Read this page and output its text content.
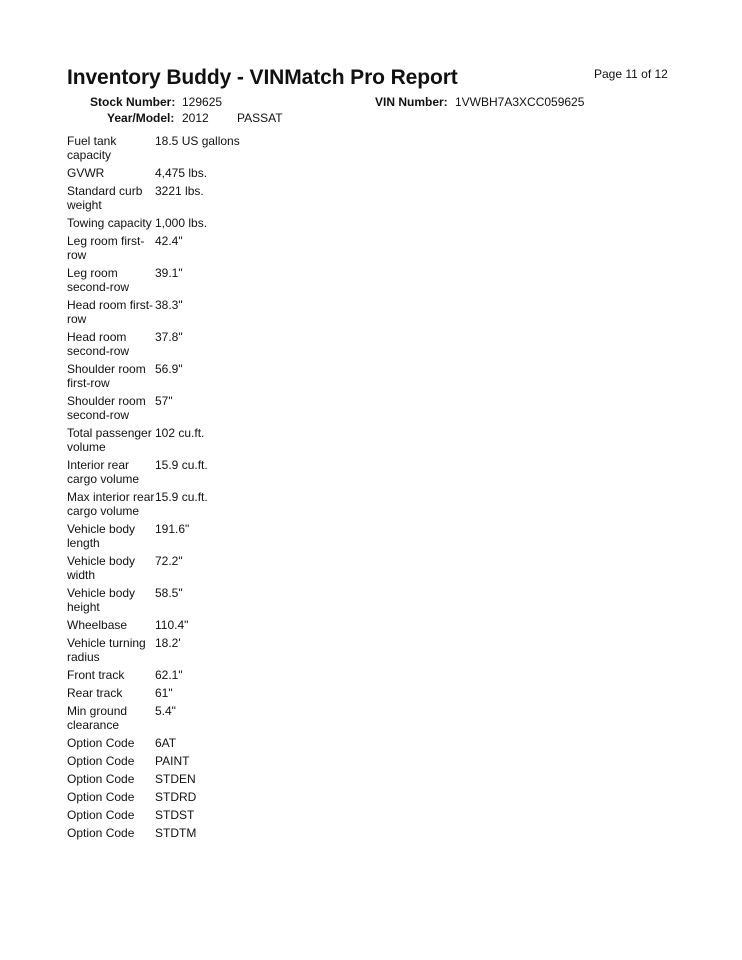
Page 11 of 12
Inventory Buddy - VINMatch Pro Report
Stock Number: 129625	VIN Number: 1VWBH7A3XCC059625
Year/Model: 2012 PASSAT
Fuel tank capacity	18.5 US gallons
GVWR	4,475 lbs.
Standard curb weight	3221 lbs.
Towing capacity	1,000 lbs.
Leg room first-row	42.4"
Leg room second-row	39.1"
Head room first-row	38.3"
Head room second-row	37.8"
Shoulder room first-row	56.9"
Shoulder room second-row	57"
Total passenger volume	102 cu.ft.
Interior rear cargo volume	15.9 cu.ft.
Max interior rear cargo volume	15.9 cu.ft.
Vehicle body length	191.6"
Vehicle body width	72.2"
Vehicle body height	58.5"
Wheelbase	110.4"
Vehicle turning radius	18.2'
Front track	62.1"
Rear track	61"
Min ground clearance	5.4"
Option Code	6AT
Option Code	PAINT
Option Code	STDEN
Option Code	STDRD
Option Code	STDST
Option Code	STDTM
